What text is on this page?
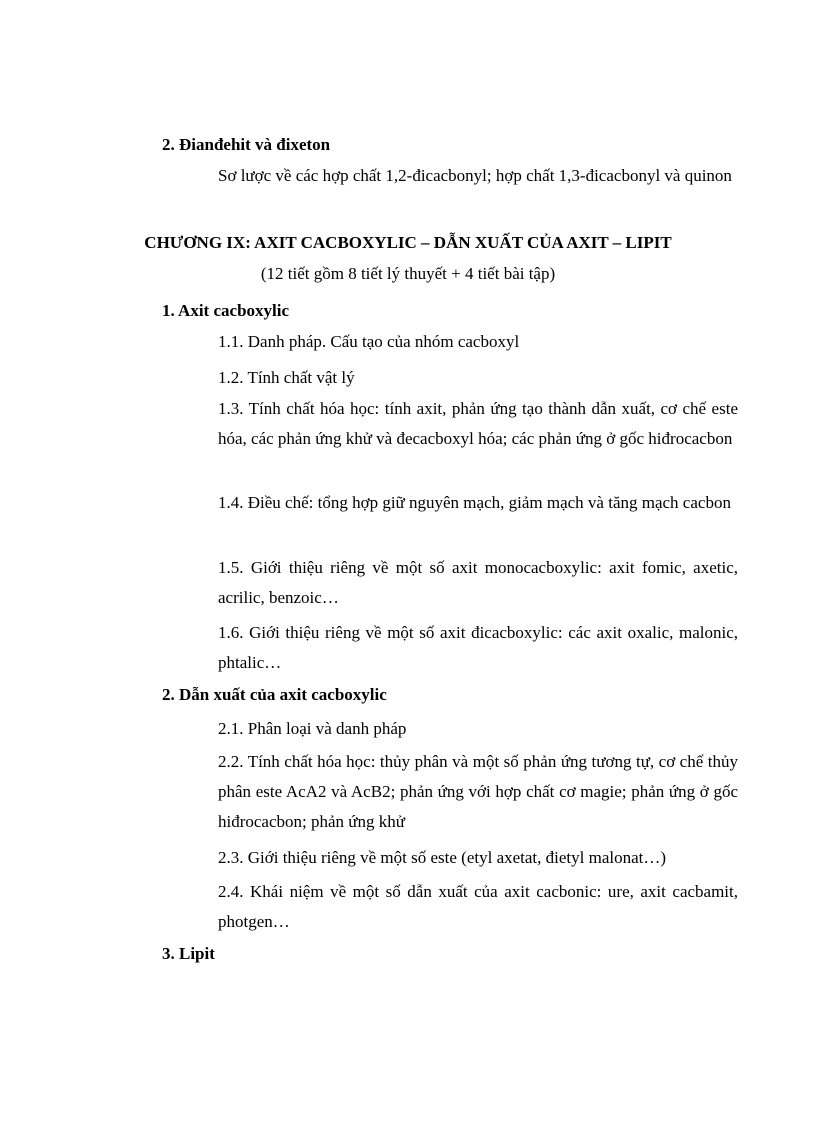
2. Đianđehit và đixeton
Sơ lược về các hợp chất 1,2-đicacbonyl; hợp chất 1,3-đicacbonyl và quinon
CHƯƠNG IX: AXIT CACBOXYLIC – DẪN XUẤT CỦA AXIT – LIPIT
(12 tiết gồm 8 tiết lý thuyết + 4 tiết bài tập)
1. Axit cacboxylic
1.1. Danh pháp. Cấu tạo của nhóm cacboxyl
1.2. Tính chất vật lý
1.3. Tính chất hóa học: tính axit, phản ứng tạo thành dẫn xuất, cơ chế este hóa, các phản ứng khử và đecacboxyl hóa; các phản ứng ở gốc hiđrocacbon
1.4. Điều chế: tổng hợp giữ nguyên mạch, giảm mạch và tăng mạch cacbon
1.5. Giới thiệu riêng về một số axit monocacboxylic: axit fomic, axetic, acrilic, benzoic…
1.6. Giới thiệu riêng về một số axit đicacboxylic: các axit oxalic, malonic, phtalic…
2. Dẫn xuất của axit cacboxylic
2.1. Phân loại và danh pháp
2.2. Tính chất hóa học: thủy phân và một số phản ứng tương tự, cơ chế thủy phân este AcA2 và AcB2; phản ứng với hợp chất cơ magie; phản ứng ở gốc hiđrocacbon; phản ứng khử
2.3. Giới thiệu riêng về một số este (etyl axetat, đietyl malonat…)
2.4. Khái niệm về một số dẫn xuất của axit cacbonic: ure, axit cacbamit, photgen…
3. Lipit
